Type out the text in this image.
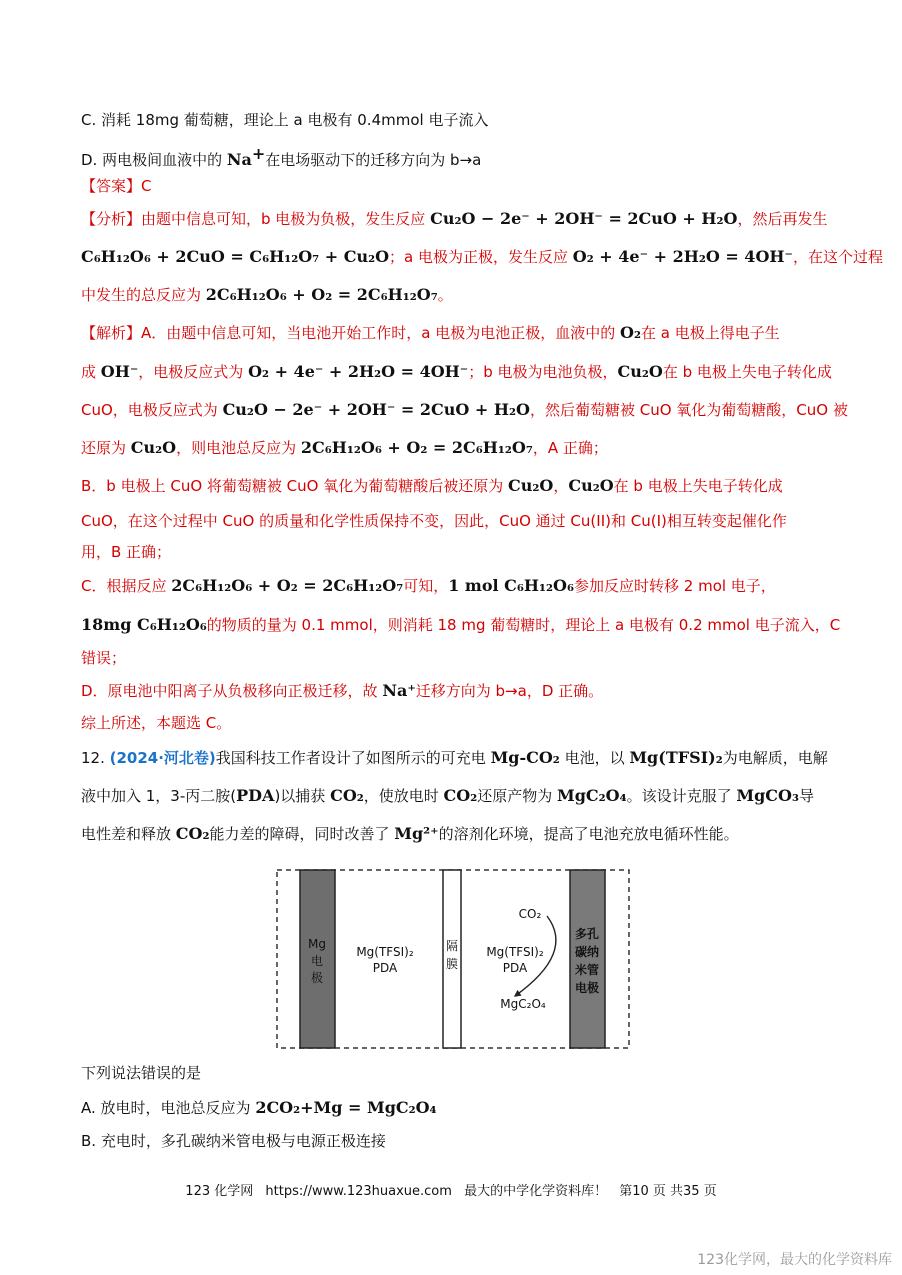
C. 消耗 18mg 葡萄糖，理论上 a 电极有 0.4mmol 电子流入
D. 两电极间血液中的 Na+在电场驱动下的迁移方向为 b→a
【答案】C
【分析】由题中信息可知，b 电极为负极，发生反应 Cu₂O − 2e⁻ + 2OH⁻ = 2CuO + H₂O，然后再发生
C₆H₁₂O₆ + 2CuO = C₆H₁₂O₇ + Cu₂O；a 电极为正极，发生反应 O₂ + 4e⁻ + 2H₂O = 4OH⁻，在这个过程
中发生的总反应为 2C₆H₁₂O₆ + O₂ = 2C₆H₁₂O₇。
【解析】A．由题中信息可知，当电池开始工作时，a 电极为电池正极，血液中的 O₂在 a 电极上得电子生
成 OH⁻，电极反应式为 O₂ + 4e⁻ + 2H₂O = 4OH⁻；b 电极为电池负极，Cu₂O在 b 电极上失电子转化成
CuO，电极反应式为 Cu₂O − 2e⁻ + 2OH⁻ = 2CuO + H₂O，然后葡萄糖被 CuO 氧化为葡萄糖酸，CuO 被
还原为 Cu₂O，则电池总反应为 2C₆H₁₂O₆ + O₂ = 2C₆H₁₂O₇，A 正确；
B．b 电极上 CuO 将葡萄糖被 CuO 氧化为葡萄糖酸后被还原为 Cu₂O，Cu₂O在 b 电极上失电子转化成
CuO，在这个过程中 CuO 的质量和化学性质保持不变，因此，CuO 通过 Cu(II)和 Cu(I)相互转变起催化作
用，B 正确；
C．根据反应 2C₆H₁₂O₆ + O₂ = 2C₆H₁₂O₇可知，1 mol C₆H₁₂O₆参加反应时转移 2 mol 电子，
18mg C₆H₁₂O₆的物质的量为 0.1 mmol，则消耗 18 mg 葡萄糖时，理论上 a 电极有 0.2 mmol 电子流入，C
错误；
D．原电池中阳离子从负极移向正极迁移，故 Na⁺迁移方向为 b→a，D 正确。
综上所述，本题选 C。
12. (2024·河北卷)我国科技工作者设计了如图所示的可充电 Mg-CO₂ 电池，以 Mg(TFSI)₂为电解质，电解
液中加入 1，3-丙二胺(PDA)以捕获 CO₂，使放电时 CO₂还原产物为 MgC₂O₄。该设计克服了 MgCO₃导
电性差和释放 CO₂能力差的障碍，同时改善了 Mg²⁺的溶剂化环境，提高了电池充放电循环性能。
Mg
电
极
Mg(TFSI)₂
PDA
隔
膜
Mg(TFSI)₂
PDA
CO₂
MgC₂O₄
多孔
碳纳
米管
电极
下列说法错误的是
A. 放电时，电池总反应为 2CO₂+Mg = MgC₂O₄
B. 充电时，多孔碳纳米管电极与电源正极连接
123 化学网 https://www.123huaxue.com 最大的中学化学资料库！ 第10 页 共35 页
123化学网，最大的化学资料库
